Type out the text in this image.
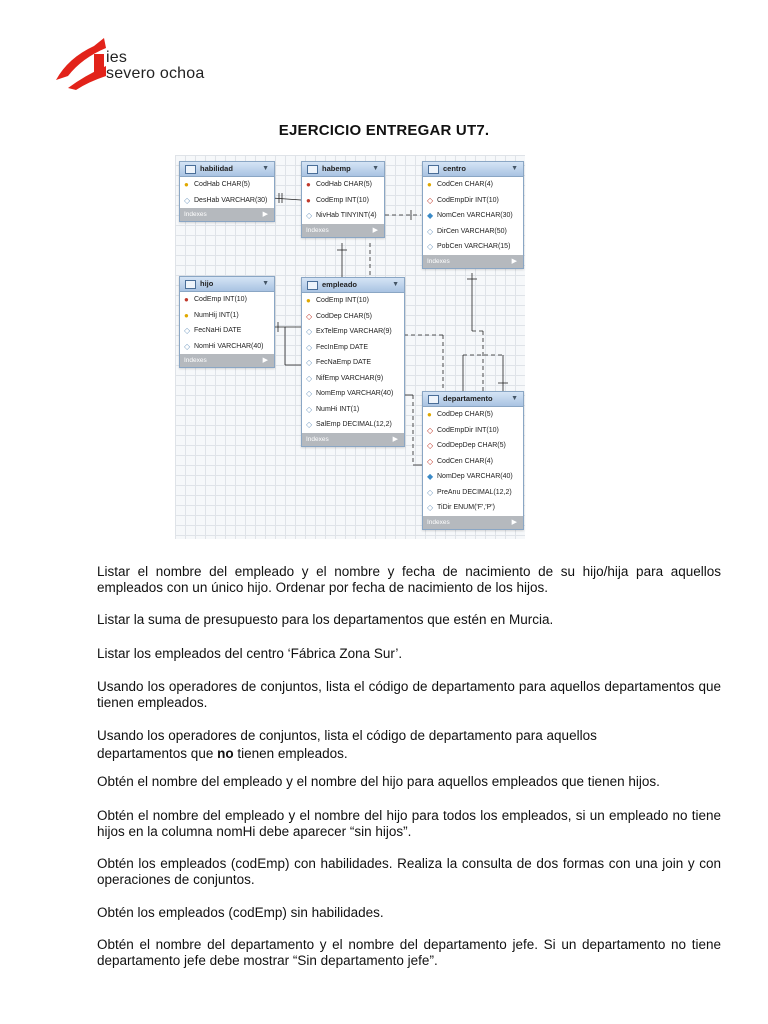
ies
severo ochoa
EJERCICIO ENTREGAR UT7.
habilidad	▼
● CodHab CHAR(5)
◇ DesHab VARCHAR(30)
Indexes	▶
habemp	▼
● CodHab CHAR(5)
● CodEmp INT(10)
◇ NivHab TINYINT(4)
Indexes	▶
centro	▼
● CodCen CHAR(4)
◇ CodEmpDir INT(10)
◆ NomCen VARCHAR(30)
◇ DirCen VARCHAR(50)
◇ PobCen VARCHAR(15)
Indexes	▶
hijo	▼
● CodEmp INT(10)
● NumHij INT(1)
◇ FecNaHi DATE
◇ NomHi VARCHAR(40)
Indexes	▶
empleado	▼
● CodEmp INT(10)
◇ CodDep CHAR(5)
◇ ExTelEmp VARCHAR(9)
◇ FecInEmp DATE
◇ FecNaEmp DATE
◇ NifEmp VARCHAR(9)
◇ NomEmp VARCHAR(40)
◇ NumHi INT(1)
◇ SalEmp DECIMAL(12,2)
Indexes	▶
departamento	▼
● CodDep CHAR(5)
◇ CodEmpDir INT(10)
◇ CodDepDep CHAR(5)
◇ CodCen CHAR(4)
◆ NomDep VARCHAR(40)
◇ PreAnu DECIMAL(12,2)
◇ TiDir ENUM('F','P')
Indexes	▶
Listar el nombre del empleado y el nombre y fecha de nacimiento de su hijo/hija para aquellos empleados con un único hijo. Ordenar por fecha de nacimiento de los hijos.
Listar la suma de presupuesto para los departamentos que estén en Murcia.
Listar los empleados del centro ‘Fábrica Zona Sur’.
Usando los operadores de conjuntos, lista el código de departamento para aquellos departamentos que tienen empleados.
Usando los operadores de conjuntos, lista el código de departamento para aquellos
departamentos que no tienen empleados.
Obtén el nombre del empleado y el nombre del hijo para aquellos empleados que tienen hijos.
Obtén el nombre del empleado y el nombre del hijo para todos los empleados, si un empleado no tiene hijos en la columna nomHi debe aparecer “sin hijos”.
Obtén los empleados (codEmp) con habilidades. Realiza la consulta de dos formas con una join y con operaciones de conjuntos.
Obtén los empleados (codEmp) sin habilidades.
Obtén el nombre del departamento y el nombre del departamento jefe. Si un departamento no tiene departamento jefe debe mostrar “Sin departamento jefe”.
